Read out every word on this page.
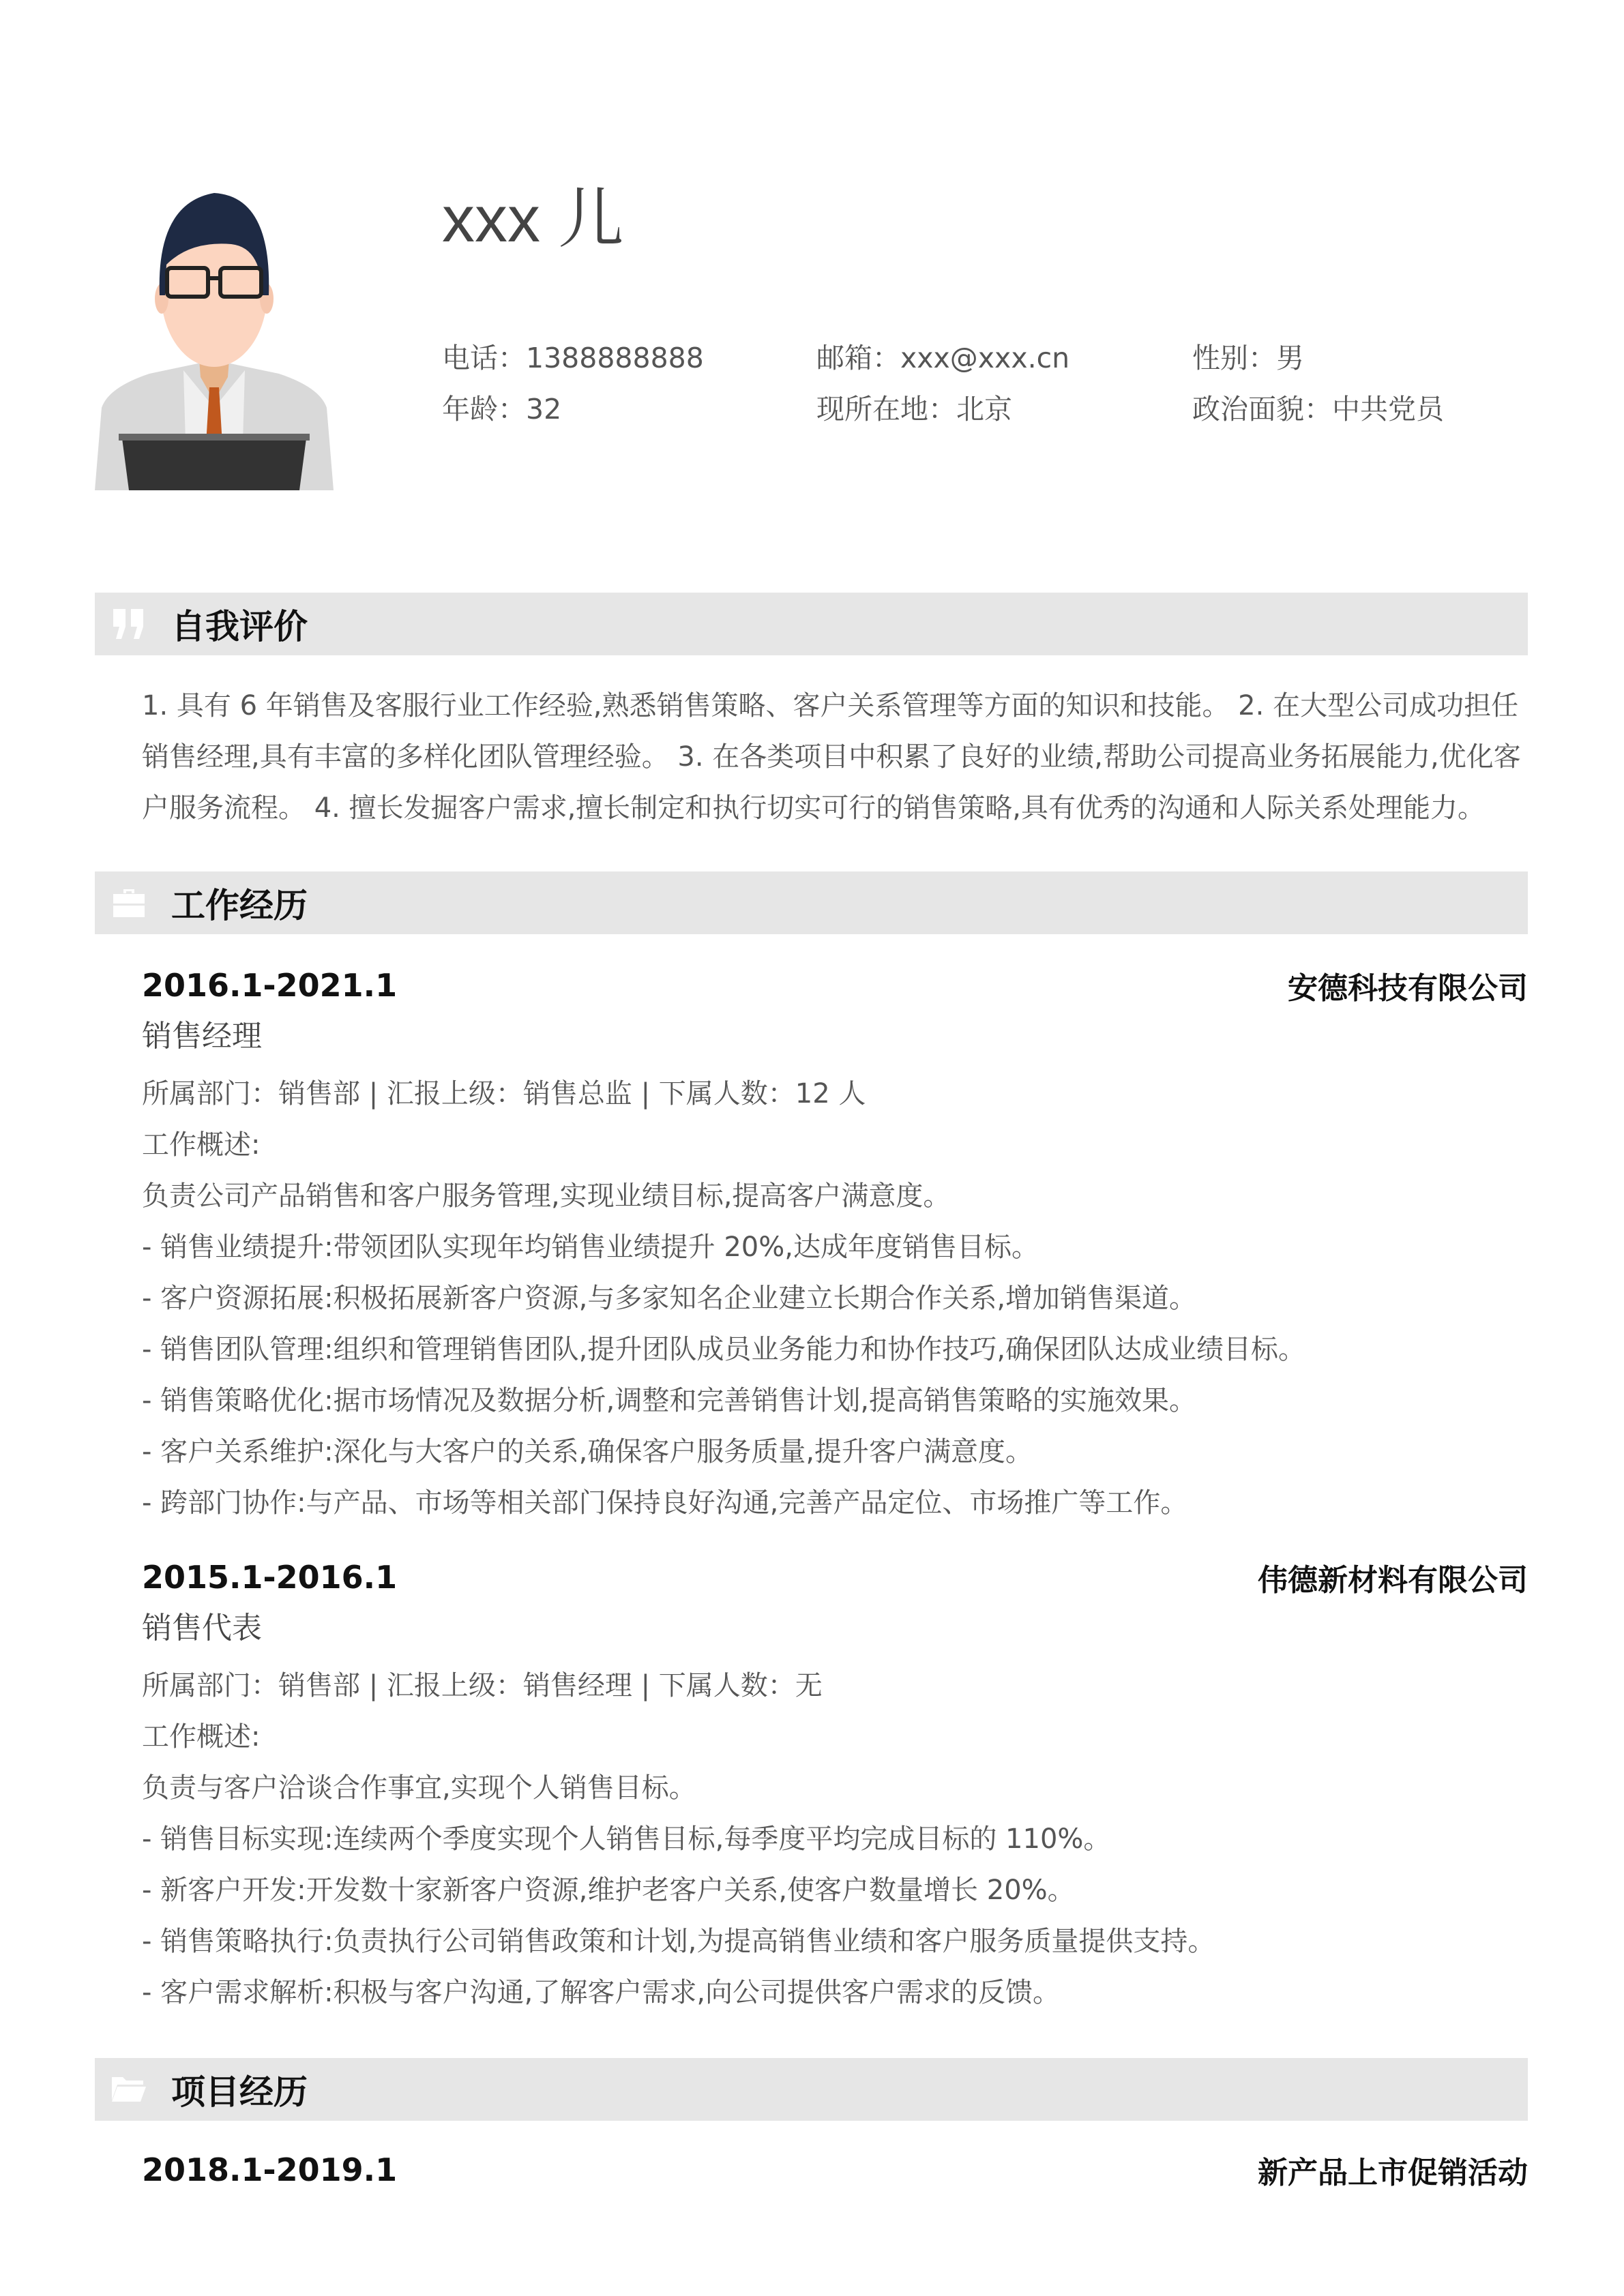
xxx 儿
电话：1388888888	邮箱：xxx@xxx.cn	性别：男
年龄：32	现所在地：北京	政治面貌：中共党员
自我评价
1. 具有 6 年销售及客服行业工作经验,熟悉销售策略、客户关系管理等方面的知识和技能。 2. 在大型公司成功担任销售经理,具有丰富的多样化团队管理经验。 3. 在各类项目中积累了良好的业绩,帮助公司提高业务拓展能力,优化客户服务流程。 4. 擅长发掘客户需求,擅长制定和执行切实可行的销售策略,具有优秀的沟通和人际关系处理能力。
工作经历
2016.1-2021.1	安德科技有限公司
销售经理
所属部门：销售部 | 汇报上级：销售总监 | 下属人数：12 人
工作概述:
负责公司产品销售和客户服务管理,实现业绩目标,提高客户满意度。
- 销售业绩提升:带领团队实现年均销售业绩提升 20%,达成年度销售目标。
- 客户资源拓展:积极拓展新客户资源,与多家知名企业建立长期合作关系,增加销售渠道。
- 销售团队管理:组织和管理销售团队,提升团队成员业务能力和协作技巧,确保团队达成业绩目标。
- 销售策略优化:据市场情况及数据分析,调整和完善销售计划,提高销售策略的实施效果。
- 客户关系维护:深化与大客户的关系,确保客户服务质量,提升客户满意度。
- 跨部门协作:与产品、市场等相关部门保持良好沟通,完善产品定位、市场推广等工作。
2015.1-2016.1	伟德新材料有限公司
销售代表
所属部门：销售部 | 汇报上级：销售经理 | 下属人数：无
工作概述:
负责与客户洽谈合作事宜,实现个人销售目标。
- 销售目标实现:连续两个季度实现个人销售目标,每季度平均完成目标的 110%。
- 新客户开发:开发数十家新客户资源,维护老客户关系,使客户数量增长 20%。
- 销售策略执行:负责执行公司销售政策和计划,为提高销售业绩和客户服务质量提供支持。
- 客户需求解析:积极与客户沟通,了解客户需求,向公司提供客户需求的反馈。
项目经历
2018.1-2019.1	新产品上市促销活动
